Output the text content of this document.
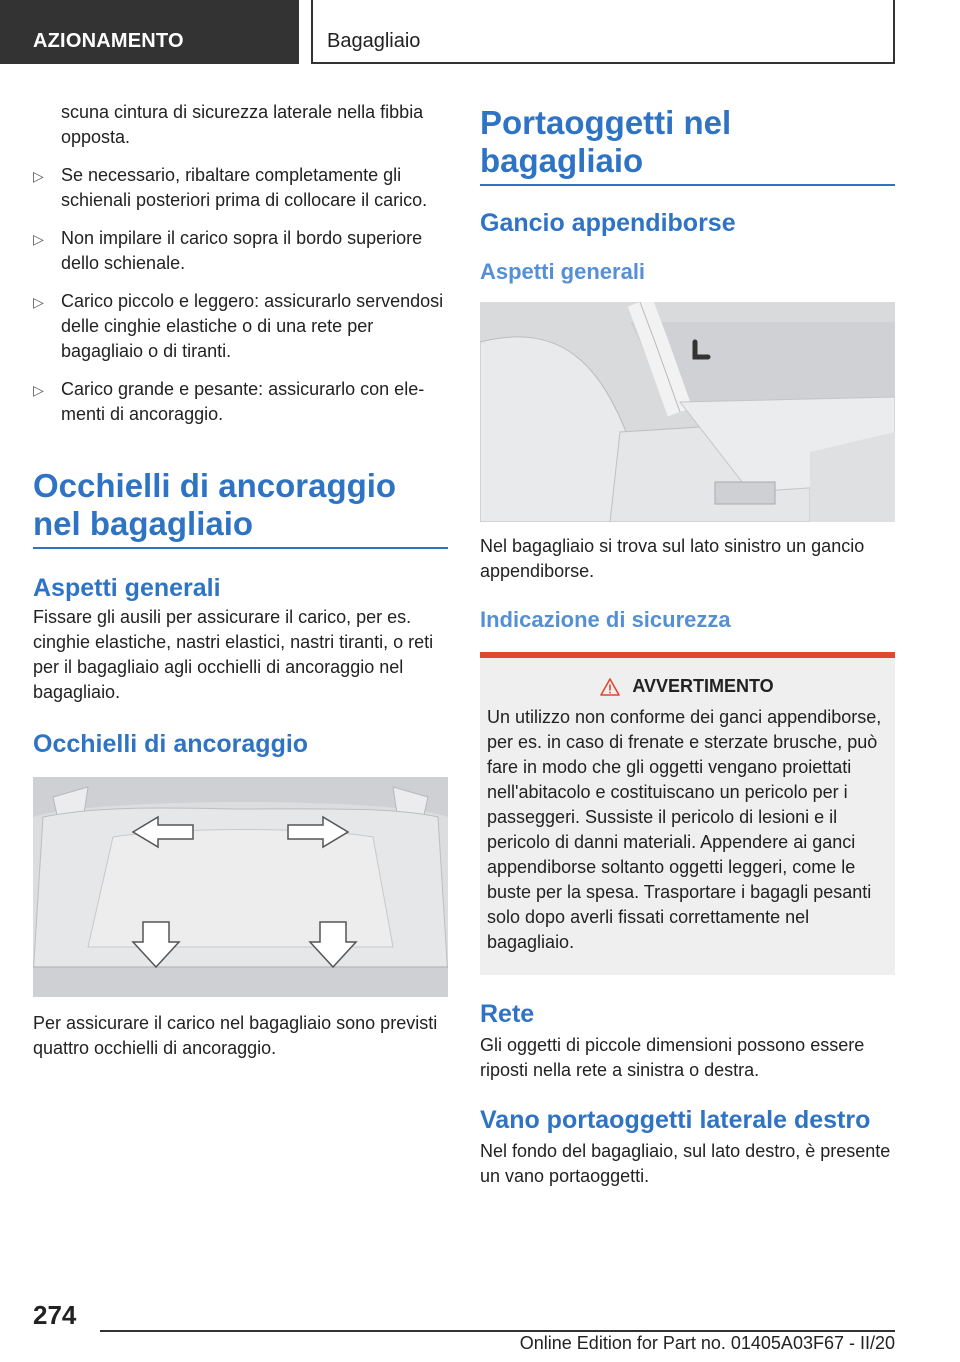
AZIONAMENTO	Bagagliaio

scuna cintura di sicurezza laterale nella fibbia opposta.

▷ Se necessario, ribaltare completamente gli schienali posteriori prima di collocare il carico.
▷ Non impilare il carico sopra il bordo superiore dello schienale.
▷ Carico piccolo e leggero: assicurarlo servendosi delle cinghie elastiche o di una rete per bagagliaio o di tiranti.
▷ Carico grande e pesante: assicurarlo con elementi di ancoraggio.
Occhielli di ancoraggio nel bagagliaio
Aspetti generali

Fissare gli ausili per assicurare il carico, per es. cinghie elastiche, nastri elastici, nastri tiranti, o reti per il bagagliaio agli occhielli di ancoraggio nel bagagliaio.

Occhielli di ancoraggio

Per assicurare il carico nel bagagliaio sono previsti quattro occhielli di ancoraggio.

Portaoggetti nel bagagliaio
Gancio appendiborse
Aspetti generali

Nel bagagliaio si trova sul lato sinistro un gancio appendiborse.

Indicazione di sicurezza
AVVERTIMENTO

Un utilizzo non conforme dei ganci appendiborse, per es. in caso di frenate e sterzate brusche, può fare in modo che gli oggetti vengano proiettati nell'abitacolo e costituiscano un pericolo per i passeggeri. Sussiste il pericolo di lesioni e il pericolo di danni materiali. Appendere ai ganci appendiborse soltanto oggetti leggeri, come le buste per la spesa. Trasportare i bagagli pesanti solo dopo averli fissati correttamente nel bagagliaio.

Rete

Gli oggetti di piccole dimensioni possono essere riposti nella rete a sinistra o destra.

Vano portaoggetti laterale destro

Nel fondo del bagagliaio, sul lato destro, è presente un vano portaoggetti.

274
Online Edition for Part no. 01405A03F67 - II/20
